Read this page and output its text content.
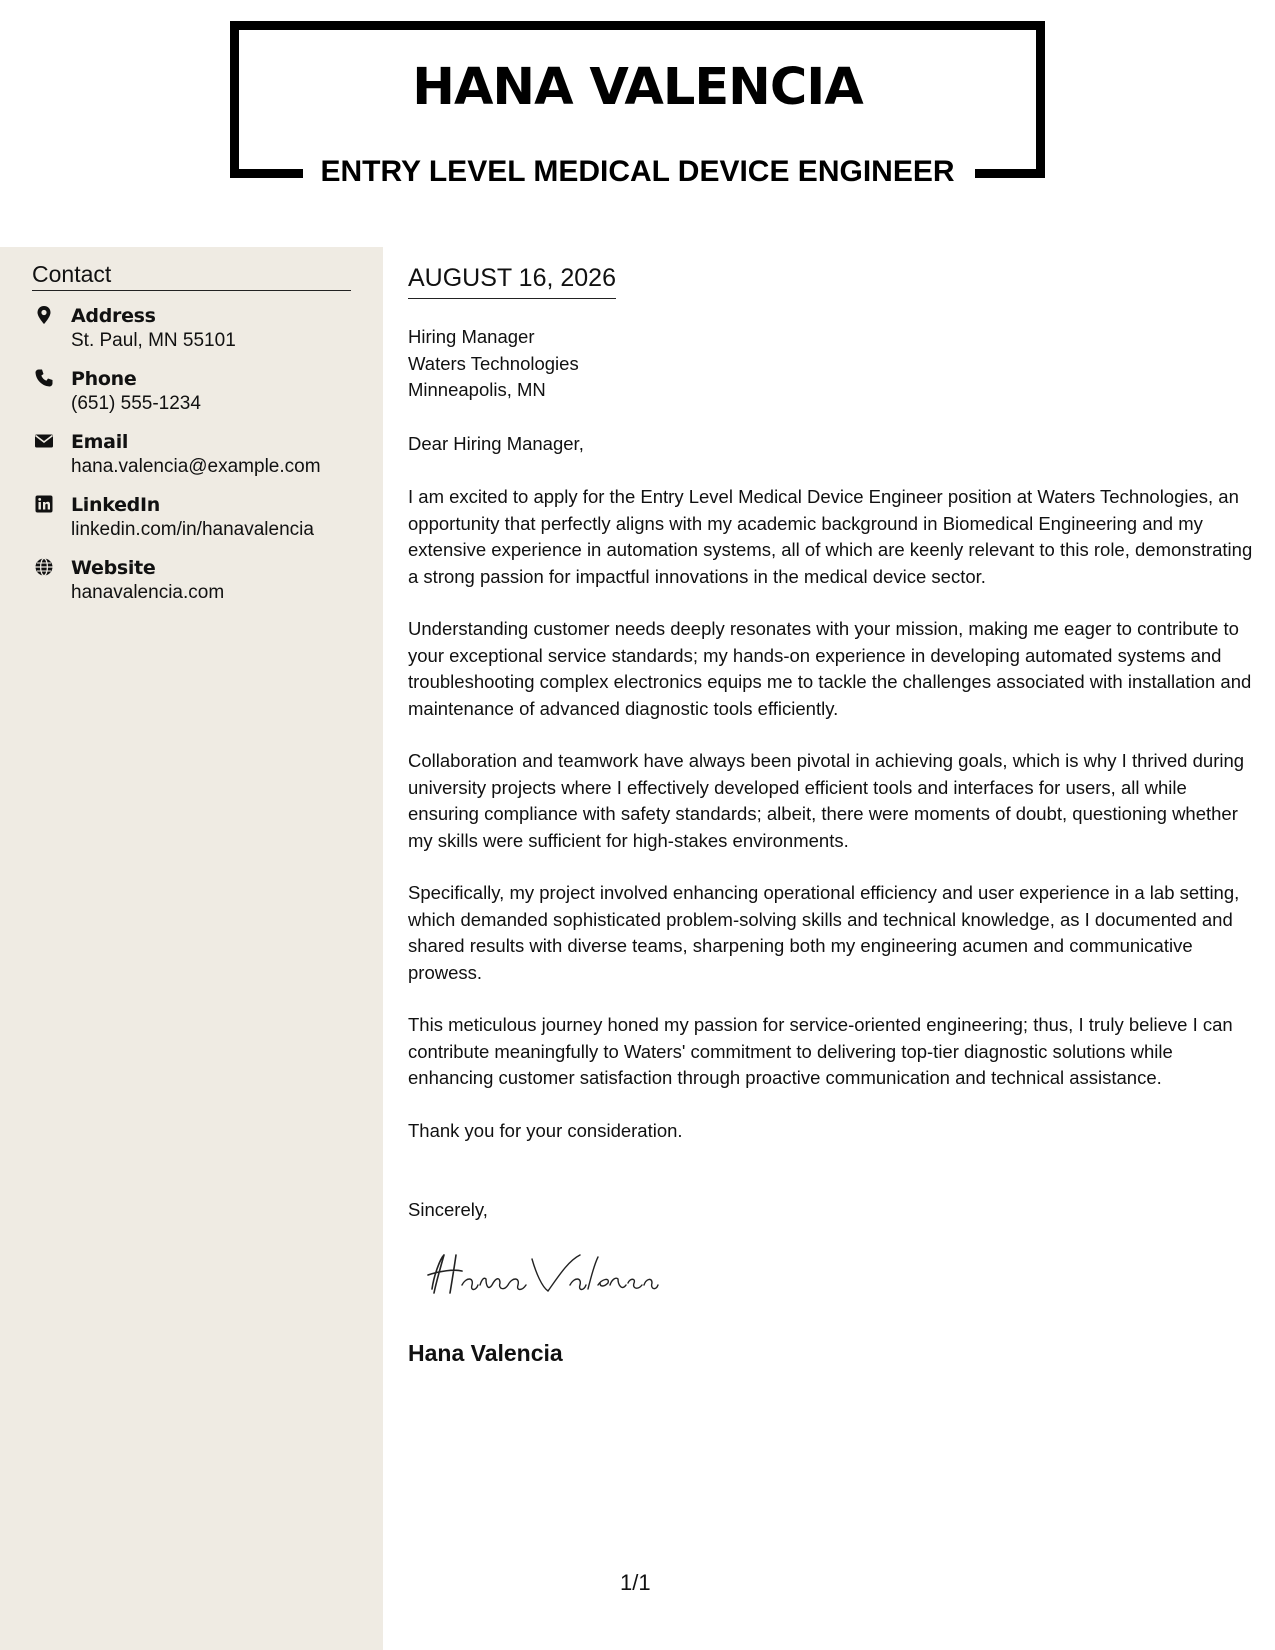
HANA VALENCIA
ENTRY LEVEL MEDICAL DEVICE ENGINEER
Contact
Address
St. Paul, MN 55101
Phone
(651) 555-1234
Email
hana.valencia@example.com
LinkedIn
linkedin.com/in/hanavalencia
Website
hanavalencia.com
AUGUST 16, 2026
Hiring Manager
Waters Technologies
Minneapolis, MN
Dear Hiring Manager,

I am excited to apply for the Entry Level Medical Device Engineer position at Waters Technologies, an opportunity that perfectly aligns with my academic background in Biomedical Engineering and my extensive experience in automation systems, all of which are keenly relevant to this role, demonstrating a strong passion for impactful innovations in the medical device sector.

Understanding customer needs deeply resonates with your mission, making me eager to contribute to your exceptional service standards; my hands-on experience in developing automated systems and troubleshooting complex electronics equips me to tackle the challenges associated with installation and maintenance of advanced diagnostic tools efficiently.

Collaboration and teamwork have always been pivotal in achieving goals, which is why I thrived during university projects where I effectively developed efficient tools and interfaces for users, all while ensuring compliance with safety standards; albeit, there were moments of doubt, questioning whether my skills were sufficient for high-stakes environments.

Specifically, my project involved enhancing operational efficiency and user experience in a lab setting, which demanded sophisticated problem-solving skills and technical knowledge, as I documented and shared results with diverse teams, sharpening both my engineering acumen and communicative prowess.

This meticulous journey honed my passion for service-oriented engineering; thus, I truly believe I can contribute meaningfully to Waters' commitment to delivering top-tier diagnostic solutions while enhancing customer satisfaction through proactive communication and technical assistance.

Thank you for your consideration.

Sincerely,
Hana Valencia
Hana Valencia
1/1
